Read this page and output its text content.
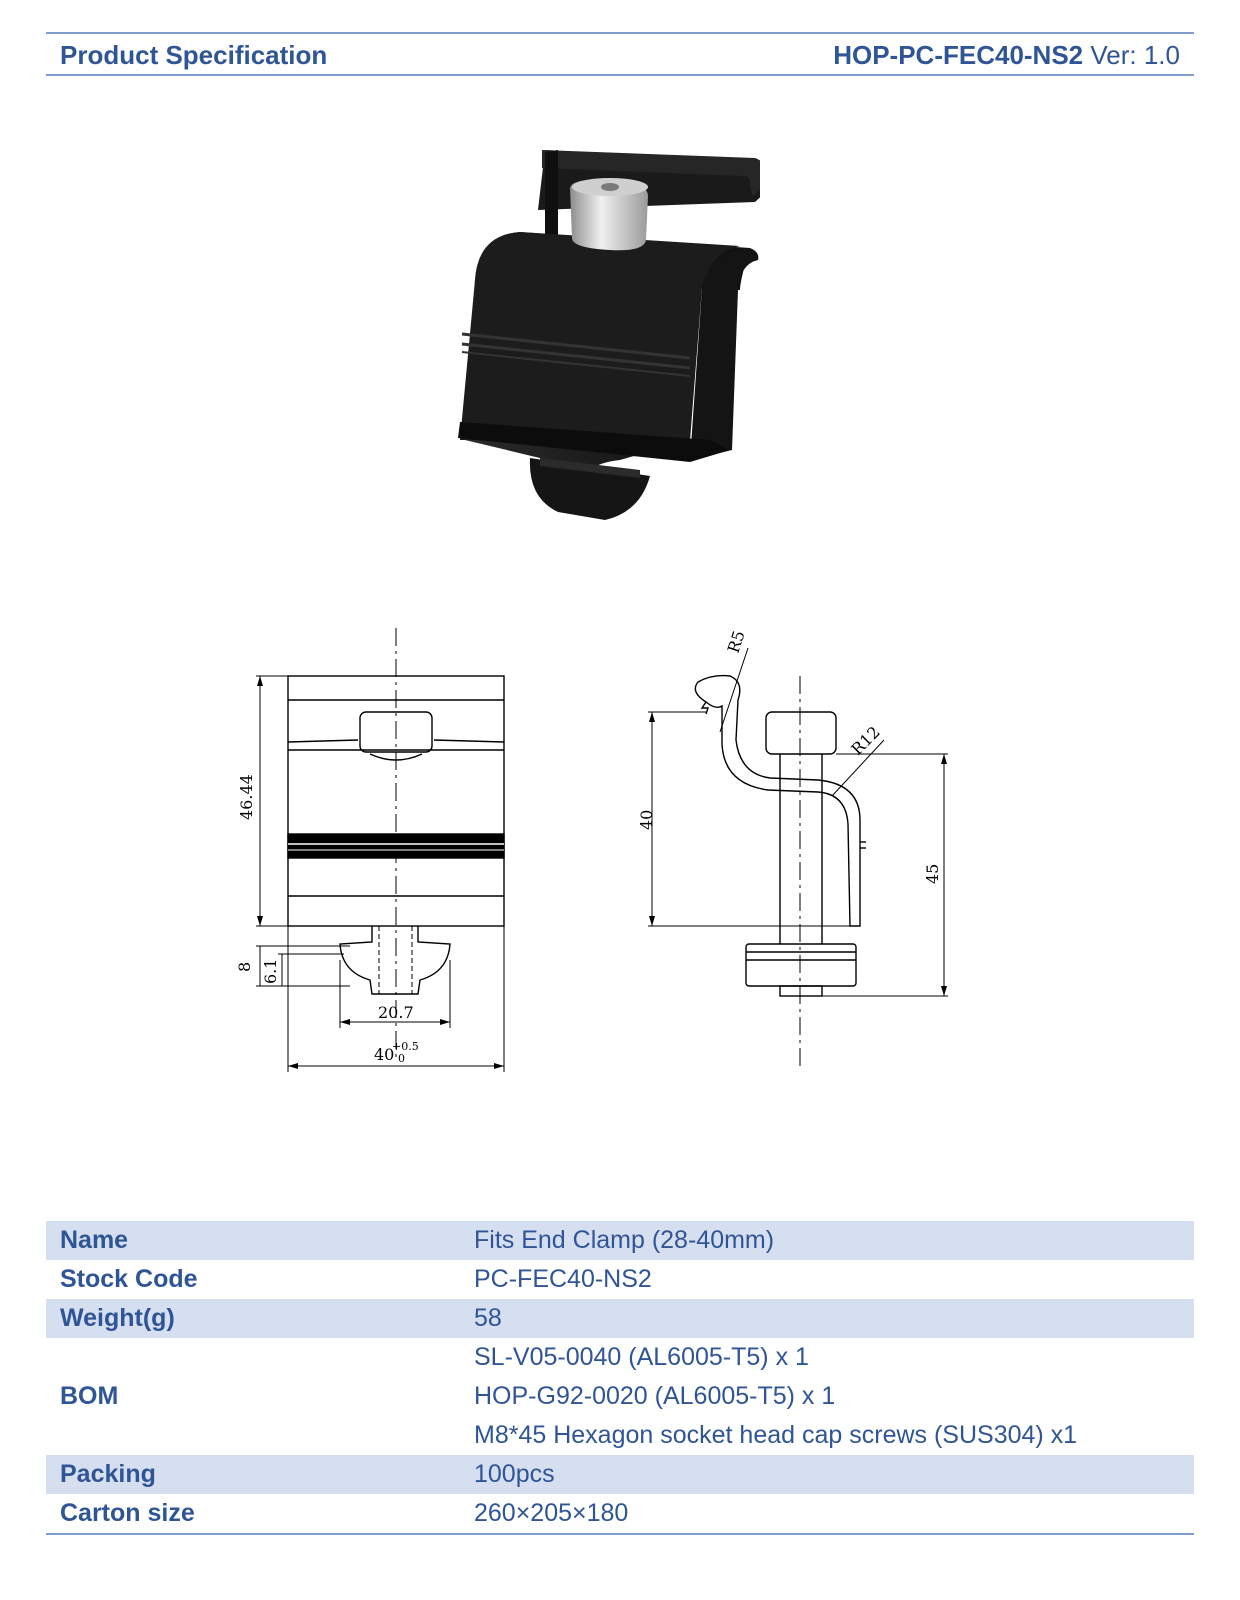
Product Specification	HOP-PC-FEC40-NS2 Ver: 1.0
46.44
8 6.1
20.7
40
+0.5
0
40
45
R5
R12
Name	Fits End Clamp (28-40mm)
Stock Code	PC-FEC40-NS2
Weight(g)	58
BOM	SL-V05-0040 (AL6005-T5) x 1
	HOP-G92-0020 (AL6005-T5) x 1
	M8*45 Hexagon socket head cap screws (SUS304) x1
Packing	100pcs
Carton size	260×205×180
